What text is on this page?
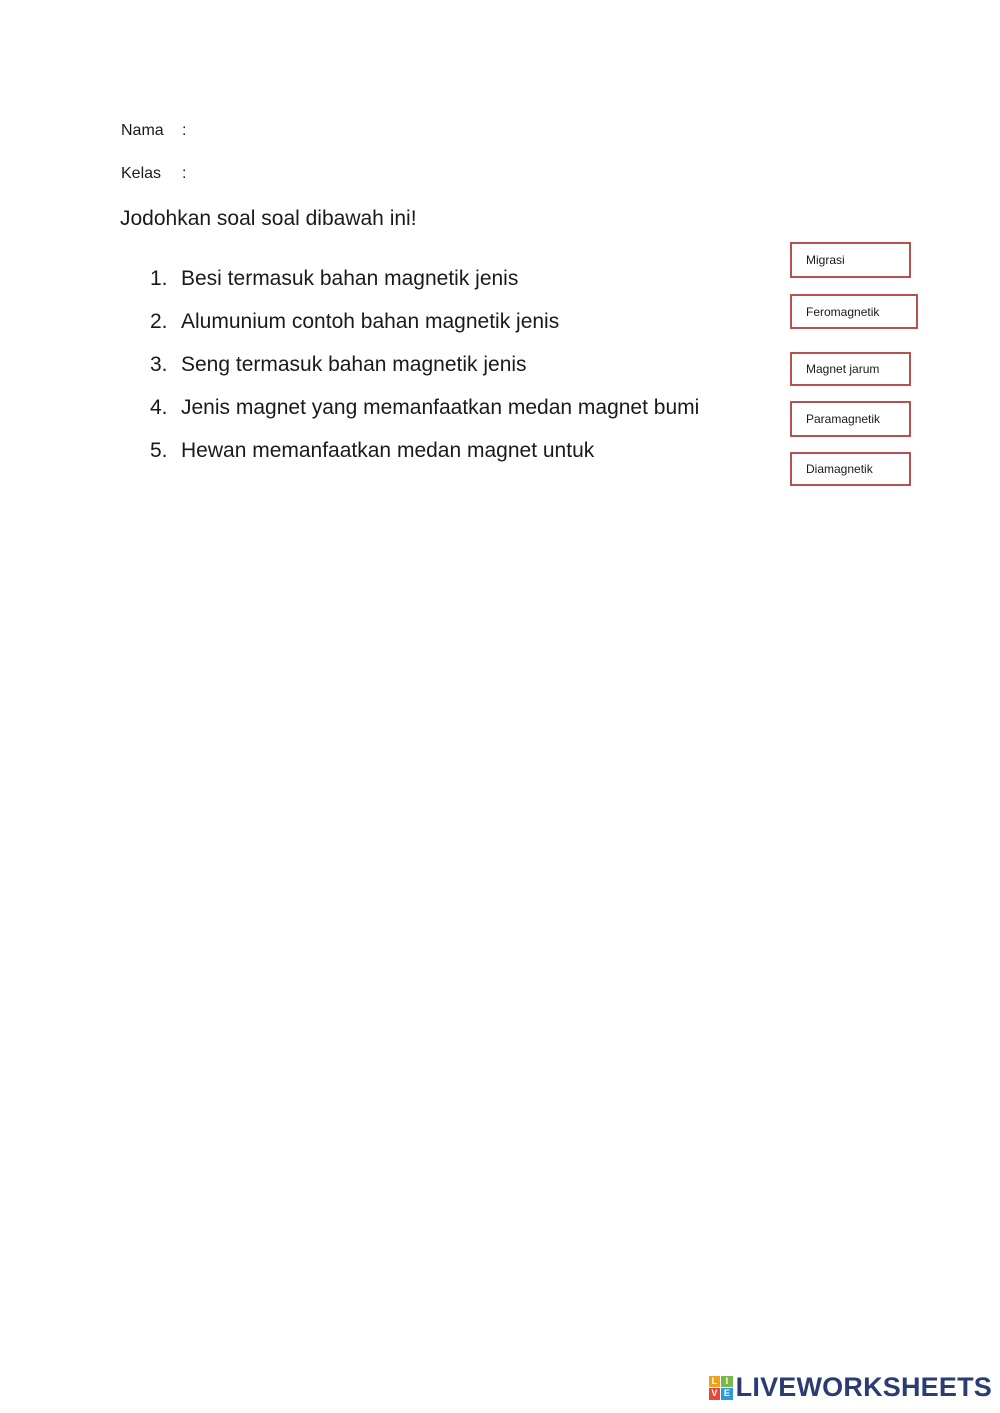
Nama	:
Kelas	:
Jodohkan soal soal dibawah ini!
1. Besi termasuk bahan magnetik jenis
2. Alumunium contoh bahan magnetik jenis
3. Seng termasuk bahan magnetik jenis
4. Jenis magnet yang memanfaatkan medan magnet bumi
5. Hewan memanfaatkan medan magnet untuk
Migrasi
Feromagnetik
Magnet jarum
Paramagnetik
Diamagnetik
L I
V E LIVEWORKSHEETS
